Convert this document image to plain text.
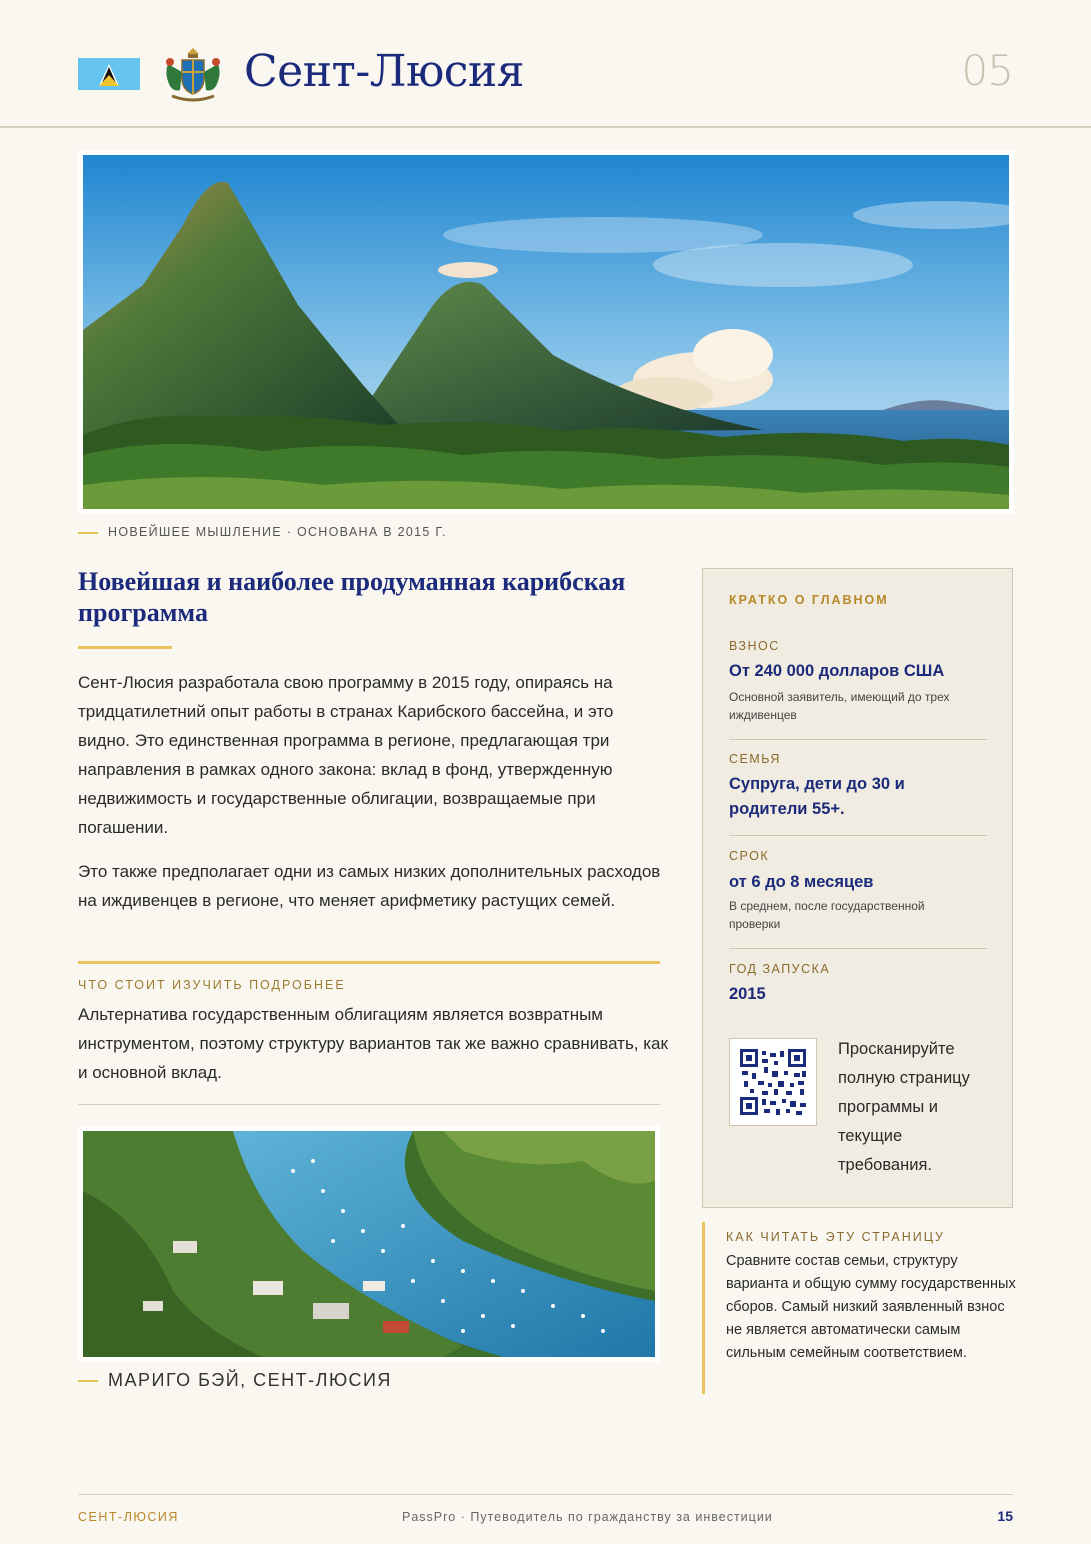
Сент-Люсия	05
НОВЕЙШЕЕ МЫШЛЕНИЕ · ОСНОВАНА В 2015 Г.
Новейшая и наиболее продуманная карибская программа

Сент-Люсия разработала свою программу в 2015 году, опираясь на тридцатилетний опыт работы в странах Карибского бассейна, и это видно. Это единственная программа в регионе, предлагающая три направления в рамках одного закона: вклад в фонд, утвержденную недвижимость и государственные облигации, возвращаемые при погашении.

Это также предполагает одни из самых низких дополнительных расходов на иждивенцев в регионе, что меняет арифметику растущих семей.

ЧТО СТОИТ ИЗУЧИТЬ ПОДРОБНЕЕ

Альтернатива государственным облигациям является возвратным инструментом, поэтому структуру вариантов так же важно сравнивать, как и основной вклад.

МАРИГО БЭЙ, СЕНТ-ЛЮСИЯ
КРАТКО О ГЛАВНОМ
ВЗНОС
От 240 000 долларов США
Основной заявитель, имеющий до трех иждивенцев
СЕМЬЯ
Супруга, дети до 30 и родители 55+.
СРОК
от 6 до 8 месяцев
В среднем, после государственной проверки
ГОД ЗАПУСКА
2015
Просканируйте полную страницу программы и текущие требования.
КАК ЧИТАТЬ ЭТУ СТРАНИЦУ
Сравните состав семьи, структуру варианта и общую сумму государственных сборов. Самый низкий заявленный взнос не является автоматически самым сильным семейным соответствием.
СЕНТ-ЛЮСИЯ	PassPro · Путеводитель по гражданству за инвестиции	15
